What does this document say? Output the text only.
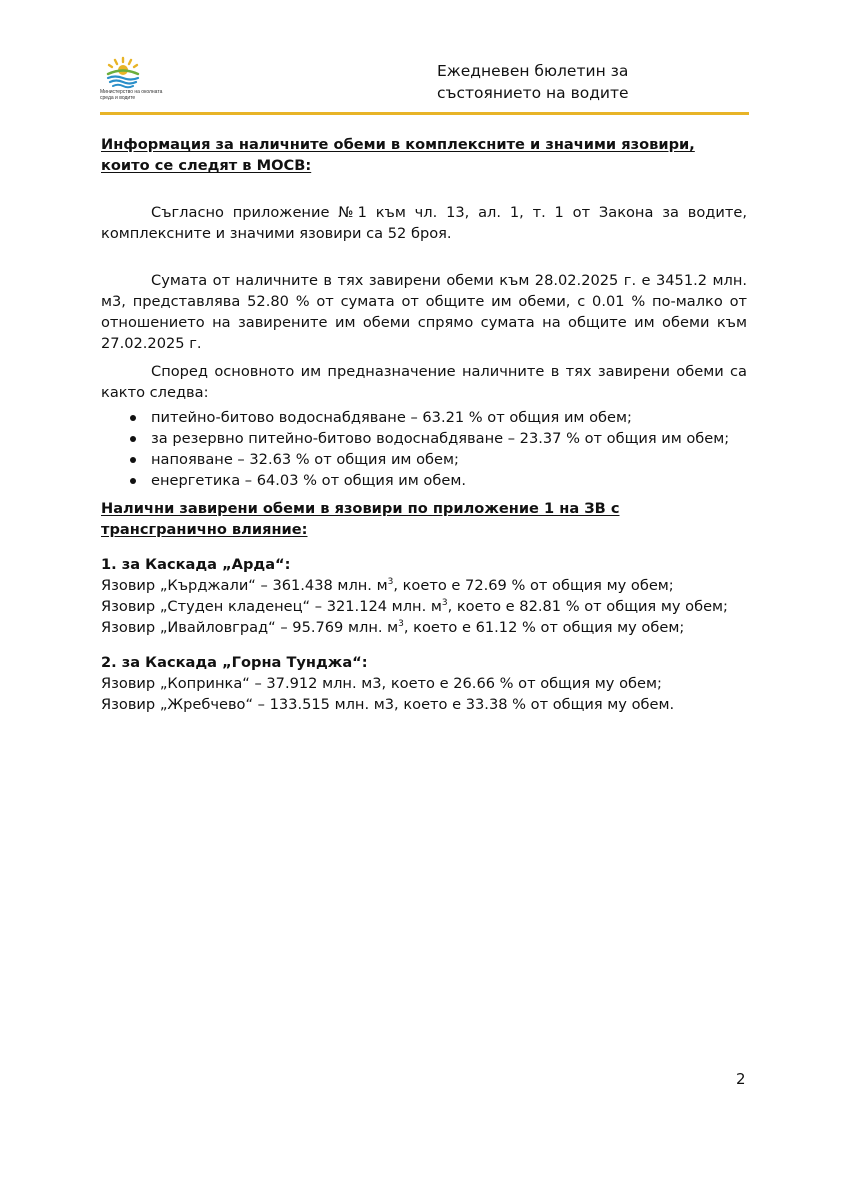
Министерство на околната среда и водите
Ежедневен бюлетин за
състоянието на водите

Информация за наличните обеми в комплексните и значими язовири, които се следят в МОСВ:

Съгласно приложение №1 към чл. 13, ал. 1, т. 1 от Закона за водите, комплексните и значими язовири са 52 броя.

Сумата от наличните в тях завирени обеми към 28.02.2025 г. е 3451.2 млн. м3, представлява 52.80 % от сумата от общите им обеми, с 0.01 % по-малко от отношението на завирените им обеми спрямо сумата на общите им обеми към 27.02.2025 г.

Според основното им предназначение наличните в тях завирени обеми са както следва:

питейно-битово водоснабдяване – 63.21 % от общия им обем;
за резервно питейно-битово водоснабдяване – 23.37 % от общия им обем;
напояване – 32.63 % от общия им обем;
енергетика – 64.03 % от общия им обем.

Налични завирени обеми в язовири по приложение 1 на ЗВ с трансгранично влияние:

1. за Каскада „Арда“:

Язовир „Кърджали“ – 361.438 млн. $м^3$, което е 72.69 % от общия му обем;

Язовир „Студен кладенец“ – 321.124 млн. $м^3$, което е 82.81 % от общия му обем;

Язовир „Ивайловград“ – 95.769 млн. $м^3$, което е 61.12 % от общия му обем;

2. за Каскада „Горна Тунджа“:

Язовир „Копринка“ – 37.912 млн. м3, което е 26.66 % от общия му обем;

Язовир „Жребчево“ – 133.515 млн. м3, което е 33.38 % от общия му обем.

2
